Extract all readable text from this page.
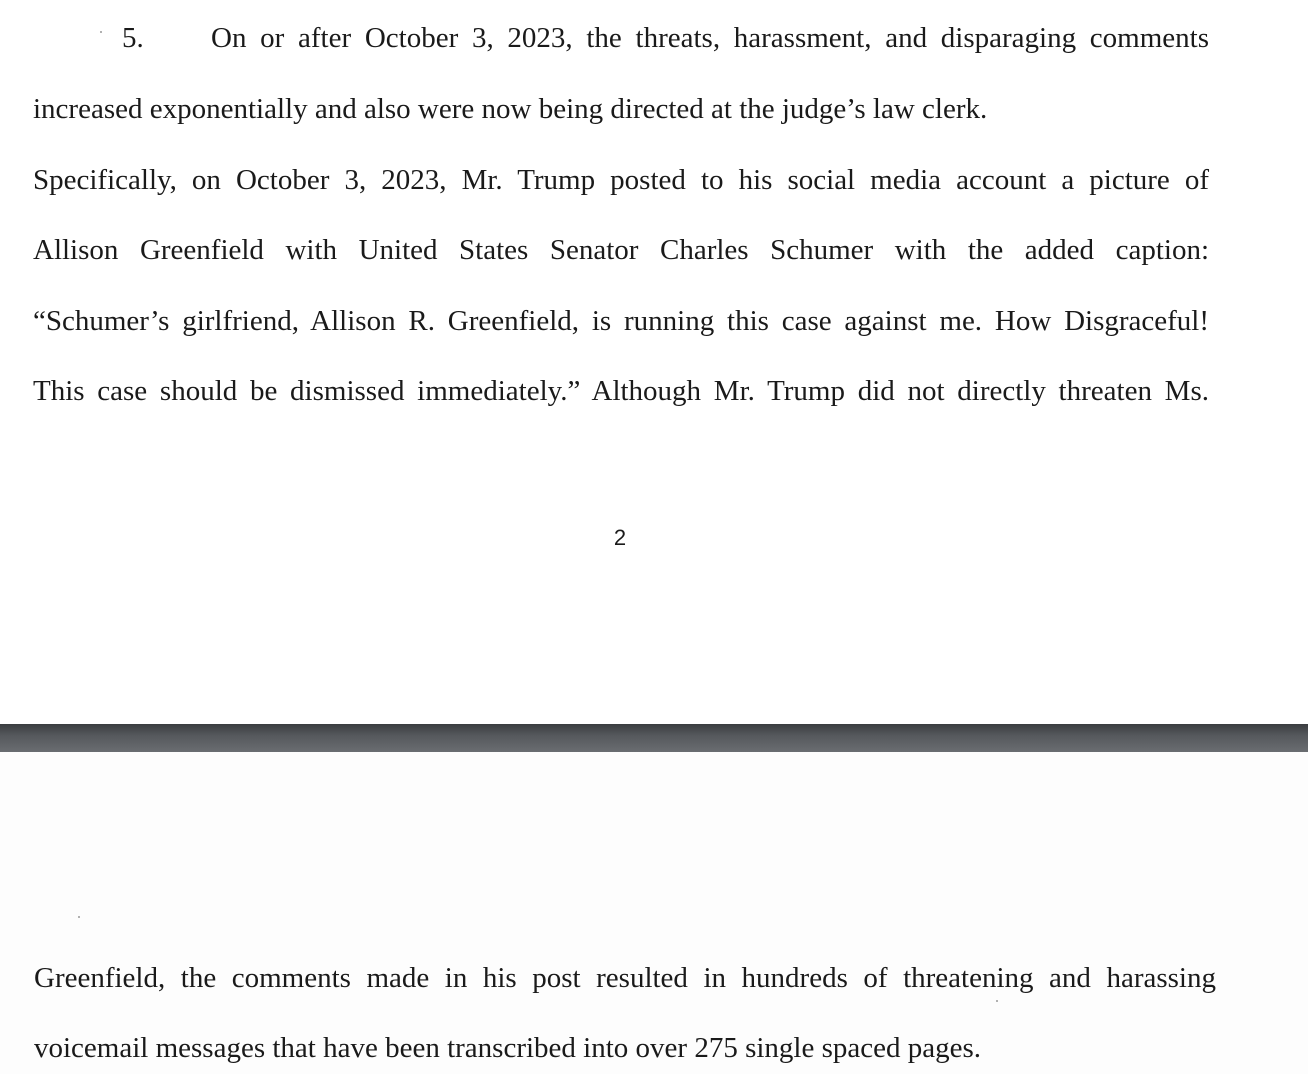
5. On or after October 3, 2023, the threats, harassment, and disparaging comments
increased exponentially and also were now being directed at the judge’s law clerk.
Specifically, on October 3, 2023, Mr. Trump posted to his social media account a picture of
Allison Greenfield with United States Senator Charles Schumer with the added caption:
“Schumer’s girlfriend, Allison R. Greenfield, is running this case against me. How Disgraceful!
This case should be dismissed immediately.” Although Mr. Trump did not directly threaten Ms.
2
Greenfield, the comments made in his post resulted in hundreds of threatening and harassing
voicemail messages that have been transcribed into over 275 single spaced pages.
